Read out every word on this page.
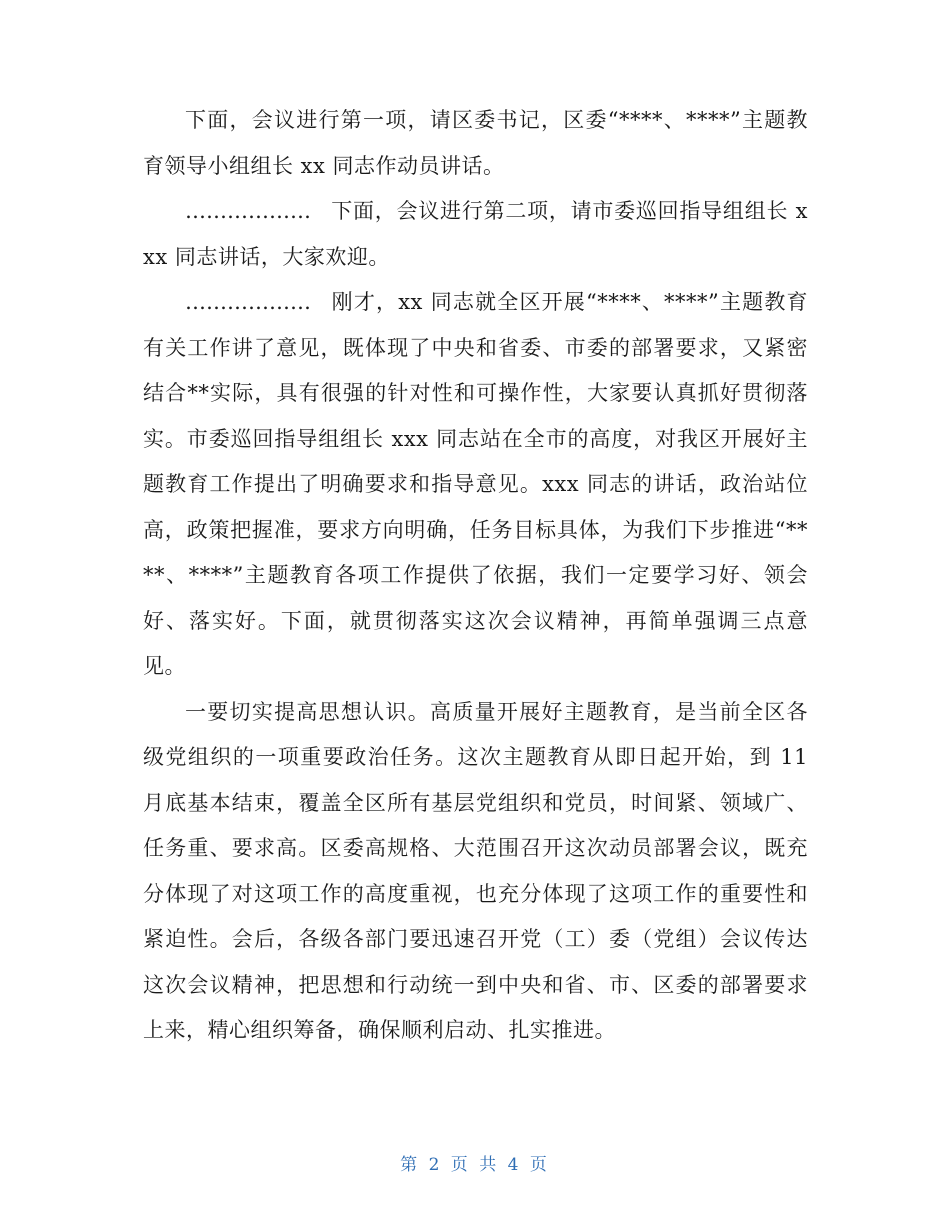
下面，会议进行第一项，请区委书记，区委“****、****”主题教育领导小组组长 xx 同志作动员讲话。

……………… 下面，会议进行第二项，请市委巡回指导组组长 xxx 同志讲话，大家欢迎。

……………… 刚才，xx 同志就全区开展“****、****”主题教育有关工作讲了意见，既体现了中央和省委、市委的部署要求，又紧密结合**实际，具有很强的针对性和可操作性，大家要认真抓好贯彻落实。市委巡回指导组组长 xxx 同志站在全市的高度，对我区开展好主题教育工作提出了明确要求和指导意见。xxx 同志的讲话，政治站位高，政策把握准，要求方向明确，任务目标具体，为我们下步推进“****、****”主题教育各项工作提供了依据，我们一定要学习好、领会好、落实好。下面，就贯彻落实这次会议精神，再简单强调三点意见。

一要切实提高思想认识。高质量开展好主题教育，是当前全区各级党组织的一项重要政治任务。这次主题教育从即日起开始，到 11 月底基本结束，覆盖全区所有基层党组织和党员，时间紧、领域广、任务重、要求高。区委高规格、大范围召开这次动员部署会议，既充分体现了对这项工作的高度重视，也充分体现了这项工作的重要性和紧迫性。会后，各级各部门要迅速召开党（工）委（党组）会议传达这次会议精神，把思想和行动统一到中央和省、市、区委的部署要求上来，精心组织筹备，确保顺利启动、扎实推进。

第 2 页 共 4 页
